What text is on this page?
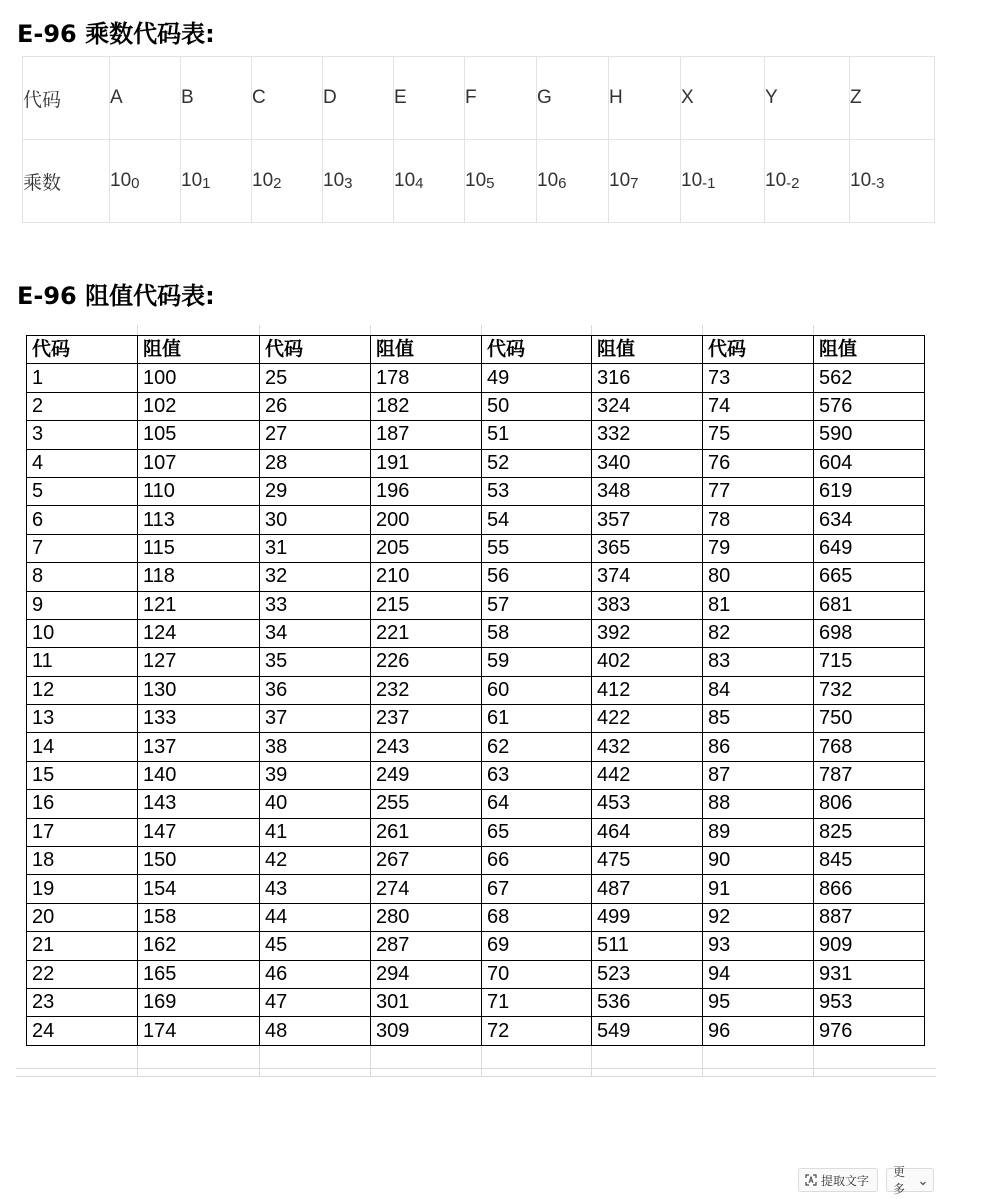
E-96 乘数代码表:
代码	A	B	C	D	E	F	G	H	X	Y	Z
乘数	100	101	102	103	104	105	106	107	10-1	10-2	10-3
E-96 阻值代码表:
代码	阻值	代码	阻值	代码	阻值	代码	阻值
1	100	25	178	49	316	73	562
2	102	26	182	50	324	74	576
3	105	27	187	51	332	75	590
4	107	28	191	52	340	76	604
5	110	29	196	53	348	77	619
6	113	30	200	54	357	78	634
7	115	31	205	55	365	79	649
8	118	32	210	56	374	80	665
9	121	33	215	57	383	81	681
10	124	34	221	58	392	82	698
11	127	35	226	59	402	83	715
12	130	36	232	60	412	84	732
13	133	37	237	61	422	85	750
14	137	38	243	62	432	86	768
15	140	39	249	63	442	87	787
16	143	40	255	64	453	88	806
17	147	41	261	65	464	89	825
18	150	42	267	66	475	90	845
19	154	43	274	67	487	91	866
20	158	44	280	68	499	92	887
21	162	45	287	69	511	93	909
22	165	46	294	70	523	94	931
23	169	47	301	71	536	95	953
24	174	48	309	72	549	96	976
提取文字
更多
